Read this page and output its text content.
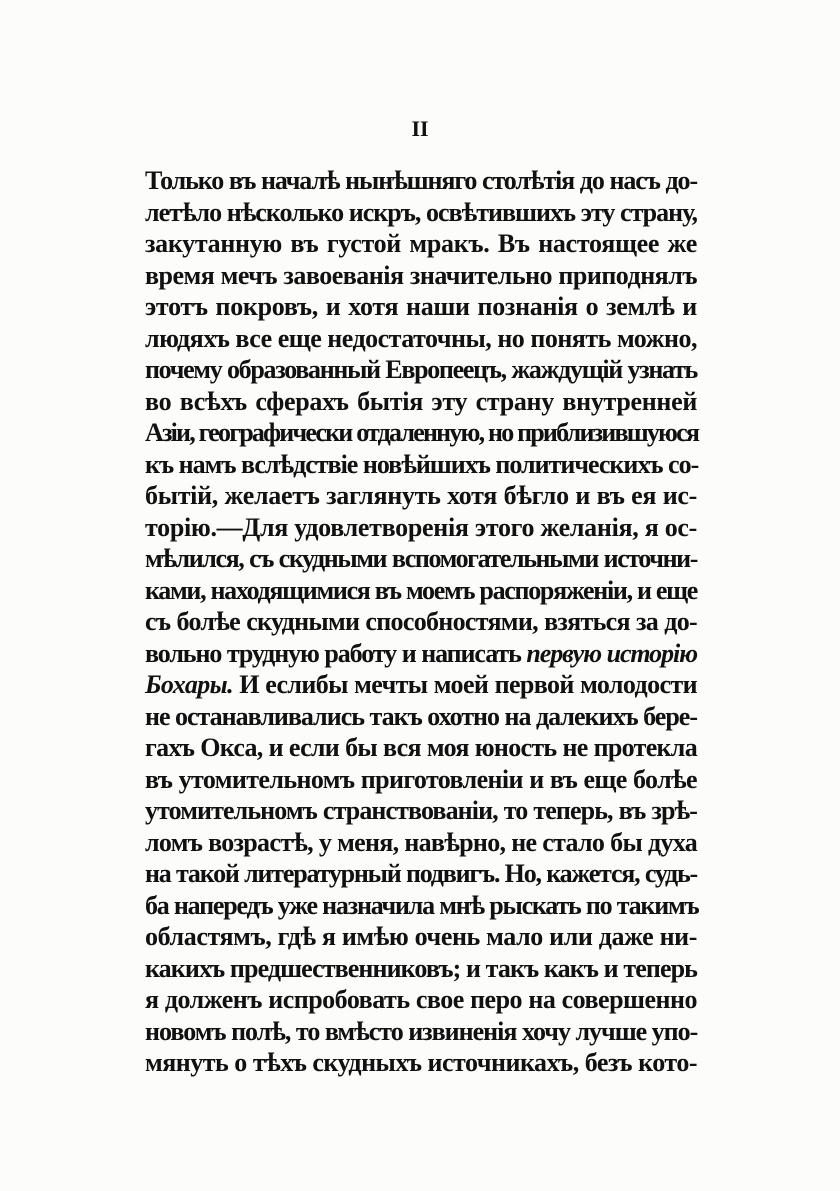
II
Только въ началѣ нынѣшняго столѣтія до насъ до-
летѣло нѣсколько искръ, освѣтившихъ эту страну,
закутанную въ густой мракъ. Въ настоящее же
время мечъ завоеванія значительно приподнялъ
этотъ покровъ, и хотя наши познанія о землѣ и
людяхъ все еще недостаточны, но понять можно,
почему образованный Европеецъ, жаждущій узнать
во всѣхъ сферахъ бытія эту страну внутренней
Азіи, географически отдаленную, но приблизившуюся
къ намъ вслѣдствіе новѣйшихъ политическихъ со-
бытій, желаетъ заглянуть хотя бѣгло и въ ея ис-
торію.—Для удовлетворенія этого желанія, я ос-
мѣлился, съ скудными вспомогательными источни-
ками, находящимися въ моемъ распоряженіи, и еще
съ болѣе скудными способностями, взяться за до-
вольно трудную работу и написать первую исторію
Бохары. И еслибы мечты моей первой молодости
не останавливались такъ охотно на далекихъ бере-
гахъ Окса, и если бы вся моя юность не протекла
въ утомительномъ приготовленіи и въ еще болѣе
утомительномъ странствованіи, то теперь, въ зрѣ-
ломъ возрастѣ, у меня, навѣрно, не стало бы духа
на такой литературный подвигъ. Но, кажется, судь-
ба напередъ уже назначила мнѣ рыскать по такимъ
областямъ, гдѣ я имѣю очень мало или даже ни-
какихъ предшественниковъ; и такъ какъ и теперь
я долженъ испробовать свое перо на совершенно
новомъ полѣ, то вмѣсто извиненія хочу лучше упо-
мянуть о тѣхъ скудныхъ источникахъ, безъ кото-
